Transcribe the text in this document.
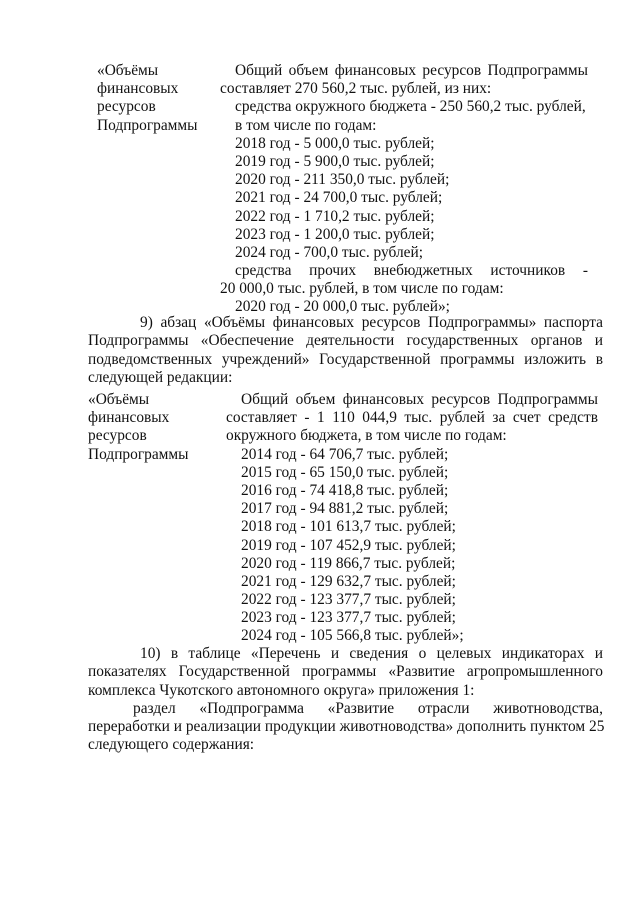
«Объёмы
финансовых
ресурсов
Подпрограммы
Общий объем финансовых ресурсов Подпрограммы
составляет 270 560,2 тыс. рублей, из них:
средства окружного бюджета - 250 560,2 тыс. рублей,
в том числе по годам:
2018 год - 5 000,0 тыс. рублей;
2019 год - 5 900,0 тыс. рублей;
2020 год - 211 350,0 тыс. рублей;
2021 год - 24 700,0 тыс. рублей;
2022 год - 1 710,2 тыс. рублей;
2023 год - 1 200,0 тыс. рублей;
2024 год - 700,0 тыс. рублей;
средства прочих внебюджетных источников -
20 000,0 тыс. рублей, в том числе по годам:
2020 год - 20 000,0 тыс. рублей»;
9) абзац «Объёмы финансовых ресурсов Подпрограммы» паспорта
Подпрограммы «Обеспечение деятельности государственных органов и
подведомственных учреждений» Государственной программы изложить в
следующей редакции:
«Объёмы
финансовых
ресурсов
Подпрограммы
Общий объем финансовых ресурсов Подпрограммы
составляет - 1 110 044,9 тыс. рублей за счет средств
окружного бюджета, в том числе по годам:
2014 год - 64 706,7 тыс. рублей;
2015 год - 65 150,0 тыс. рублей;
2016 год - 74 418,8 тыс. рублей;
2017 год - 94 881,2 тыс. рублей;
2018 год - 101 613,7 тыс. рублей;
2019 год - 107 452,9 тыс. рублей;
2020 год - 119 866,7 тыс. рублей;
2021 год - 129 632,7 тыс. рублей;
2022 год - 123 377,7 тыс. рублей;
2023 год - 123 377,7 тыс. рублей;
2024 год - 105 566,8 тыс. рублей»;
10) в таблице «Перечень и сведения о целевых индикаторах и
показателях Государственной программы «Развитие агропромышленного
комплекса Чукотского автономного округа» приложения 1:
раздел «Подпрограмма «Развитие отрасли животноводства,
переработки и реализации продукции животноводства» дополнить пунктом 25
следующего содержания:
